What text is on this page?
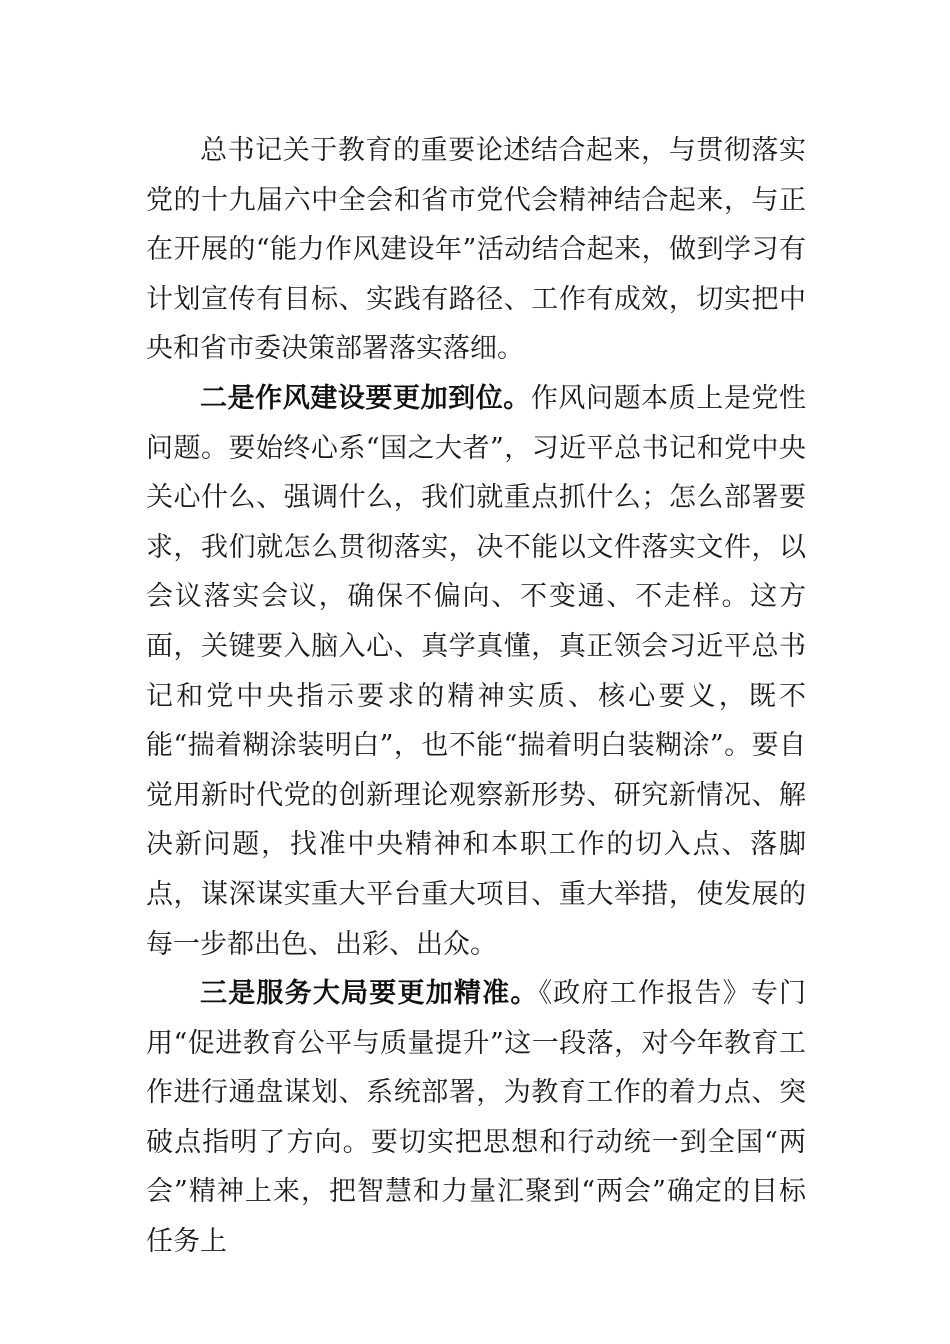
总书记关于教育的重要论述结合起来，与贯彻落实党的十九届六中全会和省市党代会精神结合起来，与正在开展的“能力作风建设年”活动结合起来，做到学习有计划宣传有目标、实践有路径、工作有成效，切实把中央和省市委决策部署落实落细。

二是作风建设要更加到位。作风问题本质上是党性问题。要始终心系“国之大者”，习近平总书记和党中央关心什么、强调什么，我们就重点抓什么；怎么部署要求，我们就怎么贯彻落实，决不能以文件落实文件，以会议落实会议，确保不偏向、不变通、不走样。这方面，关键要入脑入心、真学真懂，真正领会习近平总书记和党中央指示要求的精神实质、核心要义，既不能“揣着糊涂装明白”，也不能“揣着明白装糊涂”。要自觉用新时代党的创新理论观察新形势、研究新情况、解决新问题，找准中央精神和本职工作的切入点、落脚点，谋深谋实重大平台重大项目、重大举措，使发展的每一步都出色、出彩、出众。

三是服务大局要更加精准。《政府工作报告》专门用“促进教育公平与质量提升”这一段落，对今年教育工作进行通盘谋划、系统部署，为教育工作的着力点、突破点指明了方向。要切实把思想和行动统一到全国“两会”精神上来，把智慧和力量汇聚到“两会”确定的目标任务上
